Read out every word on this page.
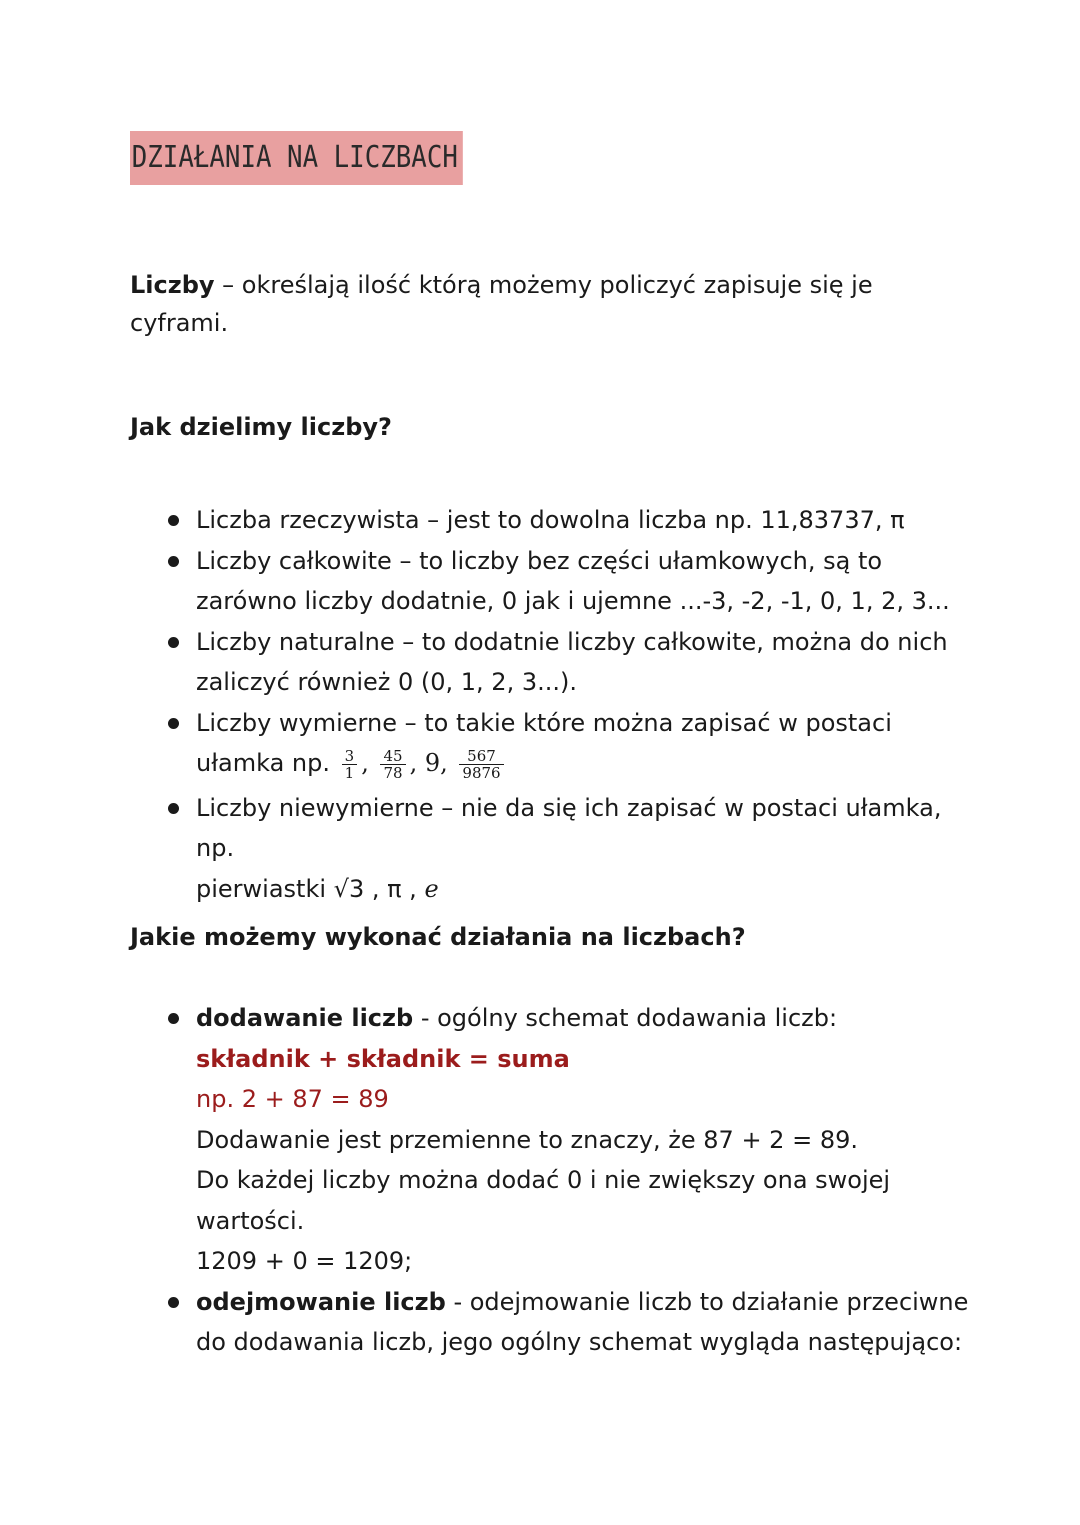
DZIAŁANIA NA LICZBACH
Liczby – określają ilość którą możemy policzyć zapisuje się je cyframi.
Jak dzielimy liczby?
Liczba rzeczywista – jest to dowolna liczba np. 11,83737, π
Liczby całkowite – to liczby bez części ułamkowych, są to zarówno liczby dodatnie, 0 jak i ujemne ...-3, -2, -1, 0, 1, 2, 3...
Liczby naturalne – to dodatnie liczby całkowite, można do nich zaliczyć również 0 (0, 1, 2, 3...).
Liczby wymierne – to takie które można zapisać w postaci
ułamka np. $\frac{3}{1}$ , $\frac{45}{78}$ , 9, $\frac{567}{9876}$
Liczby niewymierne – nie da się ich zapisać w postaci ułamka, np.
pierwiastki √3 , π , e
Jakie możemy wykonać działania na liczbach?
dodawanie liczb - ogólny schemat dodawania liczb:
składnik + składnik = suma
np. 2 + 87 = 89
Dodawanie jest przemienne to znaczy, że 87 + 2 = 89.
Do każdej liczby można dodać 0 i nie zwiększy ona swojej wartości.
1209 + 0 = 1209;
odejmowanie liczb - odejmowanie liczb to działanie przeciwne do dodawania liczb, jego ogólny schemat wygląda następująco:
